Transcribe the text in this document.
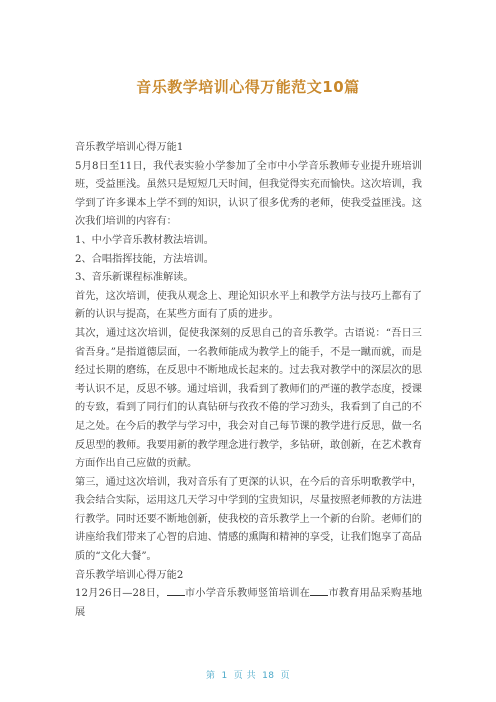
音乐教学培训心得万能范文10篇

音乐教学培训心得万能1

5月8日至11日，我代表实验小学参加了全市中小学音乐教师专业提升班培训班，受益匪浅。虽然只是短短几天时间，但我觉得实充而愉快。这次培训，我学到了许多课本上学不到的知识，认识了很多优秀的老师，使我受益匪浅。这次我们培训的内容有：

1、中小学音乐教材教法培训。

2、合唱指挥技能，方法培训。

3、音乐新课程标准解读。

首先，这次培训，使我从观念上、理论知识水平上和教学方法与技巧上都有了新的认识与提高，在某些方面有了质的进步。

其次，通过这次培训，促使我深刻的反思自己的音乐教学。古语说：“吾日三省吾身。”是指道德层面，一名教师能成为教学上的能手，不是一蹴而就，而是经过长期的磨练，在反思中不断地成长起来的。过去我对教学中的深层次的思考认识不足，反思不够。通过培训，我看到了教师们的严谨的教学态度，授课的专致，看到了同行们的认真钻研与孜孜不倦的学习劲头，我看到了自己的不足之处。在今后的教学与学习中，我会对自己每节课的教学进行反思，做一名反思型的教师。我要用新的教学理念进行教学，多钻研，敢创新，在艺术教育方面作出自己应做的贡献。

第三，通过这次培训，我对音乐有了更深的认识，在今后的音乐明歌教学中，我会结合实际，运用这几天学习中学到的宝贵知识，尽量按照老师教的方法进行教学。同时还要不断地创新，使我校的音乐教学上一个新的台阶。老师们的讲座给我们带来了心智的启迪、情感的熏陶和精神的享受，让我们饱享了高品质的“文化大餐”。

音乐教学培训心得万能2

12月26日—28日， 市小学音乐教师竖笛培训在 市教育用品采购基地展

第 1 页 共 18 页
